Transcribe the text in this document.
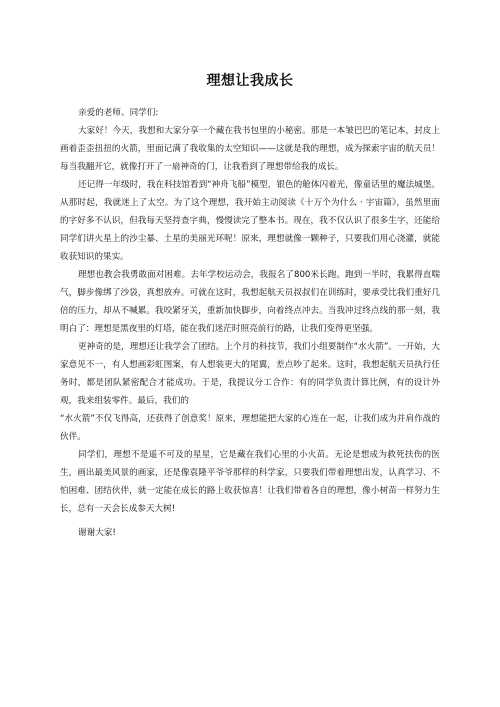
理想让我成长

亲爱的老师、同学们:

大家好！今天，我想和大家分享一个藏在我书包里的小秘密。那是一本皱巴巴的笔记本，封皮上画着歪歪扭扭的火箭，里面记满了我收集的太空知识——这就是我的理想，成为探索宇宙的航天员！每当我翻开它，就像打开了一扇神奇的门，让我看到了理想带给我的成长。

还记得一年级时，我在科技馆看到“神舟飞船”模型，银色的舱体闪着光，像童话里的魔法城堡。从那时起，我就迷上了太空。为了这个理想，我开始主动阅读《十万个为什么 · 宇宙篇》，虽然里面的字好多不认识，但我每天坚持查字典，慢慢读完了整本书。现在，我不仅认识了很多生字，还能给同学们讲火星上的沙尘暴、土星的美丽光环呢！原来，理想就像一颗种子，只要我们用心浇灌，就能收获知识的果实。

理想也教会我勇敢面对困难。去年学校运动会，我报名了800米长跑。跑到一半时，我累得直喘气，脚步像绑了沙袋，真想放弃。可就在这时，我想起航天员叔叔们在训练时，要承受比我们重好几倍的压力，却从不喊累。我咬紧牙关，重新加快脚步，向着终点冲去。当我冲过终点线的那一刻，我明白了：理想是黑夜里的灯塔，能在我们迷茫时照亮前行的路，让我们变得更坚强。

更神奇的是，理想还让我学会了团结。上个月的科技节，我们小组要制作“水火箭”。一开始，大家意见不一，有人想画彩虹图案，有人想装更大的尾翼，差点吵了起来。这时，我想起航天员执行任务时，都是团队紧密配合才能成功。于是，我提议分工合作：有的同学负责计算比例，有的设计外观，我来组装零件。最后，我们的

“水火箭”不仅飞得高，还获得了创意奖！原来，理想能把大家的心连在一起，让我们成为并肩作战的伙伴。

同学们，理想不是遥不可及的星星，它是藏在我们心里的小火苗。无论是想成为救死扶伤的医生，画出最美风景的画家，还是像袁隆平爷爷那样的科学家，只要我们带着理想出发，认真学习、不怕困难、团结伙伴，就一定能在成长的路上收获惊喜！让我们带着各自的理想，像小树苗一样努力生长，总有一天会长成参天大树!

谢谢大家!
